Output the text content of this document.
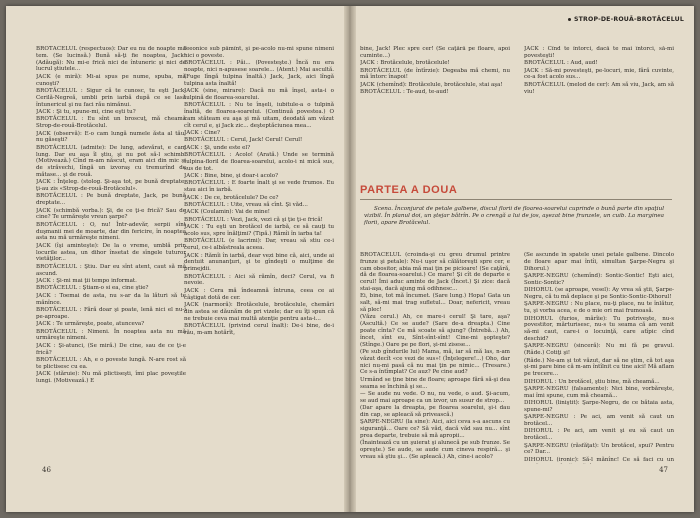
BROTĂCELUL (respectuos): Dar eu nu de noapte mă tem. (Se lucinsă.) Bună să-ţi fie noaptea, Jack! (Adăugă): Nu mi-e frică nici de întuneric şi nici de lucrul ştiutele...

JACK (e miră): Mi-ai spus pe nume, spuba, mă cunoşti?

BROTĂCELUL : Sigur că te cunosc, tu eşti Jack-Cerilă-Negreă, umbli prin iarbă după ce se lasă întunericul şi nu faci rău nimănui.

JACK : Şi tu, spune-mi, cine eşti tu?

BROTĂCELUL : Eu sînt un broscuţ, mă cheamă Strop-de-rouă-Brotăcelul.

JACK (observă): E-o cam lungă numele ăsta al tău, nu găseşti?

BROTĂCELUL (admite): De lung, adevărat, e cam lung. Dar eu aşa îl ştiu, şi nu pot să-l schimb. (Motivează.) Cînd m-am născut, eram aici din mic şi de străvechi, lîngă un izvoraş cu tremurînd de mătase... şi de rouă.

JACK : Înţeleg. (stolog. Şi-aşa tot, pe bună dreptate, ţi-au zis «Strop-de-rouă-Brotăcelul».

BROTĂCELUL : Pe bună dreptate, Jack, pe bună dreptate...

JACK (schimbă vorba.): Şi, de ce ţi-e frică? Sau de cine? Te urmăreşte vreun şarpe?

BROTĂCELUL : O, nu! Într-adevăr, serpii sînt duşmanii mei de moarte, dar din fericire, în noaptea asta nu mă urmăreşte nimeni.

JACK (îşi aminteşte): De la o vreme, umblă prin locurile astea, un dihor însetat de sîngele tuturor vietăţilor...

BROTĂCELUL : Ştiu. Dar eu sînt atent, caut să mă ascund.

JACK : Şi-mi mai ţii tempo informat.

BROTĂCELUL : Ştiam-o si ea, cine ştie?

JACK : Toemai de asta, nu s-ar da la lături să te mănînce.

BROTĂCELUL : Fără doar şi poate, lenă nici el nu-i pe-aproape.

JACK : Te urmăreşte, poate, atunceva?

BROTĂCELUL : Nimeni. În noaptea asta nu mă urmăreşte nimeni.

JACK : Şi-atunci, (Se miră.) De cine, sau de ce ţi-e frică?

BROTĂCELUL : Ah, e o poveste lungă. N-are rost să te plictisesc cu ea.

JACK (stăruie): Nu mă plictiseşti, îmi plac poveştile lungi. (Motivează.) E

feeonice sub pămînt, şi pe-acolo nu-mi spune nimeni nici o poveste.

BROTĂCELUL : Păi... (Povesteşte.) Încă nu era noapte, nici n-apusese soarele... (Atent.) Mai ascultă. (Fuge lîngă tulpina înaltă.) Jack, Jack, aici lîngă tulpina asta înaltă!

JACK (sine, mirare): Dacă nu mă înşel, asta-i o tulpină de floarea-soarelui.

BROTĂCELUL : Nu te înşeli, iubitule-a o tulpină înaltă, de floarea-soarelui. (Continuă povestea.) O cam stăteam eu aşa şi mă uitam, deodată am văzut cît cerul e, şi Jack zic... deşteptăciunea mea...

JACK : Cine?

BROTĂCELUL : Cerul, Jack! Cerul! Cerul!

JACK : Şi, unde este el?

BROTĂCELUL : Acolo! (Arată.) Unde se termină tulpina-floril de floarea-soarelui, acolo-i ni mică sus, sus de tot.

JACK : Bine, bine, şi doar-i acolo?

BROTĂCELUL : E foarte înalt şi se vede frumos. Eu stau aici în iarbă.

JACK : De ce, brotăcelule? De ce?

BROTĂCELUL : Uite, vreau să cînt. Şi văd...

JACK (Coulamin): Vai de mine!

BROTĂCELUL : Vezi, Jack, vezi că şi ţie ţi-e frică!

JACK : Tu eşti un brotăcel de iarbă, ce să cauţi tu acolo sus, spre înălţimi? (Tipă.) Rămîi în iarba ta!

BROTĂCELUL (e lacrimi): Dar, vreau să stiu ce-i cerul, ce-i albăstreala aceea.

JACK : Rămîi în iarbă, dear vezi bine că, aici, unde ai dentuit anunanţuri, şi te gîndeşti o mulţime de primejdii.

BROTĂCELUL : Aici să rămîn, deci? Cerul, va fi nevoie.

JACK : Cera mă îndeamnă întruna, ceea ce ai câştigat dotă de cer.

JACK (narmoră): Brotăcelule, brotăcelule, chemări din astea se dăunăm de pri vizele; dar eu îţi spun că ne trebuie ceva mai multă atenţie pentru asta-i...

BROTĂCELUL (privind cerul înalt): De-i bine, de-i rău, m-am hotărît,

46
STROP-DE-ROUĂ-BROTĂCELUL

bine, Jack! Plec spre cer! (Se caţără pe floare, apoi cuminte...)

JACK : Brotăcelule, brotăcelule!

BROTĂCELUL (de întîrzie): Degeaba mă chemi, nu mă întorc înapoi!

JACK (chemînd): Brotăcelule, brotăcelule, stai aşa!

BROTĂCELUL : Te-aud, te-aud!

JACK : Cînd te întorci, dacă te mai întorci, să-mi povesteşti!

BROTĂCELUL : Aud, aud!

JACK : Să-mi povesteşti, pe-locuri, mie, fără cuvinte, ce-a fost acolo sus...

BROTĂCELUL (melod de cer): Am să viu, Jack, am să viu!

PARTEA A DOUA
Scena. Înconjurat de petale galbene, discul florii de floarea-soarelui cuprinde o bună parte din spaţiul vizibil. În planul doi, un ştejar bătrîn. Pe o crengă a lui de jos, aşezat bine frunzele, un cuib. La marginea florii, apare Brotăcelul.

BROTĂCELUL (croinda-şi cu greu drumul printre frunze şi petale): Nu-i uşor să călătoreşti spre cer, e cam obositor, abia mă mai ţin pe picioare! (Se caţără, dă de floarea-soarelui.) Ce mare! Şi cît de departe e cerul! Îmi aduc aminte de Jack (Încet.) Şi zice: dacă stai-aşa, dacă ajung mă odihnesc...

Ei, bine, tot mă încumet. (Sare lung.) Hopa! Gata un salt, să-mi mai trag sufletul... Doar, nefericit, vreau să plec!

(Văzu cerul.) Ah, ce mare-i cerul! Şi tare, aşa? (Ascultă.) Ce se aude? (Sare de-a dreapta.) Cine poate cînta? Ce mă scoate să ajung? (Întrebă...) Ah, încet, sînt eu, Sînt-sînt-sînt! Cine-mi şopteşte? (Stînge.) Oare pe pe flori, şi-mi zisese...

(Pe sub gîndurile lui) Mama, mă, iar să mă las, n-am văzut decît «ce vezi de sus»! (Înţelegere!...) Oho, dar nici nu-mi pasă că nu mai ţin pe nimic... (Tresare.) Ce s-a întîmplat? Ce auz? Pe cine aud?

Urmând se ţine bine de floare; aproape fără să-şi dea seama se închină şi se...

— Se aude nu vede. O nu, nu vede, o aud. Şi-acum, se aud mai aproape ca un izvor, un susur de strop...

(Dar apare la dreapta, pe floarea soarelui, şi-i dau din cap, se apleacă să privească.)

ŞARPE-NEGRU (la sine): Aici, aici ceva s-a ascuns cu siguranţă... Oare ce? Să văd, dacă văd sau nu... sînt prea departe, trebuie să mă apropii...

(Înaintează cu un şuierat şi alunecă pe sub frunze. Se opreşte.) Se aude, se aude cum cineva respiră... şi vreau să ştiu şi... (Se apleacă.) Ah, cine-i acolo?

(Se ascunde în spatele unei petale galbene. Dincolo de floare apar mai întîi, simultan Şarpe-Negru şi Dihorul.)

ŞARPE-NEGRU (chemînd): Sontic-Sontic! Eşti aici, Sontic-Sontic?

DIHORUL (se aproape, vesel): Ay vrea să ştii, Şarpe-Negru, că tu mă deplace şi pe Sontic-Sontic-Dihorul!

ŞARPE-NEGRU : Nu place, nu-ţi place, nu te înlătur, tu, şi vorba acea, e de o mie ori mai frumoasă.

DIHORUL (furios, mârîie): Tu potriveşte, nu-s povestitor, mărturisesc, nu-s tu seama că am venit să-mi caut, care-i o locuinţă, care atîpic cînd deschid?

ŞARPE-NEGRU (sinceră): Nu mi fă pe gravul. (Râde.) Cotiţi şi!

(Râde.) Ne-am și tot văzut, dar să ne ştim, că tot aşa și-mi pare bine că m-am întîlnit cu tine aici! Mă aflam pe trecere...

DIHORUL : Un brotăcel, ştiu bine, mă cheamă...

ŞARPE-NEGRU (falsamente): Nici bine, vorbăreşte, mai îmi spune, cum mă cheamă...

DIHORUL (liniştit): Şarpe-Negru, de ce bătaia asta, spune-mi?

ŞARPE-NEGRU : Pe aci, am venit să caut un brotăcel...

DIHORUL : Pe aci, am venit şi eu să caut un brotăcel...

ŞARPE-NEGRU (răsfăţat): Un brotăcel, spui? Pentru ce? Dar...

DIHORUL (ironic): Să-l mănînc! Ce să faci cu un

47
